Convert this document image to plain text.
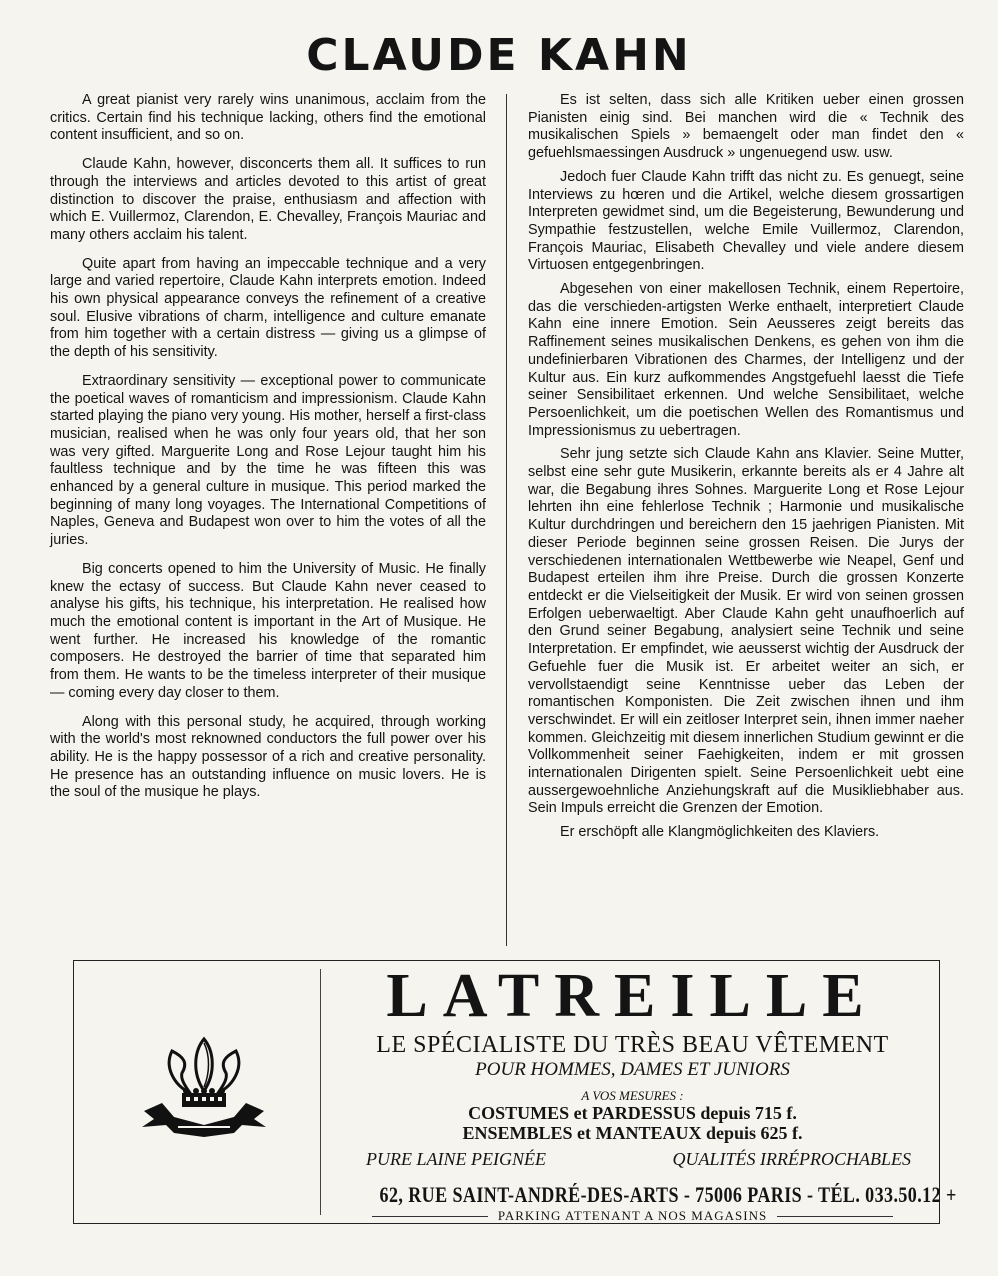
CLAUDE KAHN

A great pianist very rarely wins unanimous, acclaim from the critics. Certain find his technique lacking, others find the emotional content insufficient, and so on.

Claude Kahn, however, disconcerts them all. It suffices to run through the interviews and articles devoted to this artist of great distinction to discover the praise, enthusiasm and affection with which E. Vuillermoz, Clarendon, E. Chevalley, François Mauriac and many others acclaim his talent.

Quite apart from having an impeccable technique and a very large and varied repertoire, Claude Kahn interprets emotion. Indeed his own physical appearance conveys the refinement of a creative soul. Elusive vibrations of charm, intelligence and culture emanate from him together with a certain distress — giving us a glimpse of the depth of his sensitivity.

Extraordinary sensitivity — exceptional power to communicate the poetical waves of romanticism and impressionism. Claude Kahn started playing the piano very young. His mother, herself a first-class musician, realised when he was only four years old, that her son was very gifted. Marguerite Long and Rose Lejour taught him his faultless technique and by the time he was fifteen this was enhanced by a general culture in musique. This period marked the beginning of many long voyages. The International Competitions of Naples, Geneva and Budapest won over to him the votes of all the juries.

Big concerts opened to him the University of Music. He finally knew the ectasy of success. But Claude Kahn never ceased to analyse his gifts, his technique, his interpretation. He realised how much the emotional content is important in the Art of Musique. He went further. He increased his knowledge of the romantic composers. He destroyed the barrier of time that separated him from them. He wants to be the timeless interpreter of their musique — coming every day closer to them.

Along with this personal study, he acquired, through working with the world's most reknowned conductors the full power over his ability. He is the happy possessor of a rich and creative personality. He presence has an outstanding influence on music lovers. He is the soul of the musique he plays.

Es ist selten, dass sich alle Kritiken ueber einen grossen Pianisten einig sind. Bei manchen wird die « Technik des musikalischen Spiels » bemaengelt oder man findet den « gefuehlsmaessingen Ausdruck » ungenuegend usw. usw.

Jedoch fuer Claude Kahn trifft das nicht zu. Es genuegt, seine Interviews zu hœren und die Artikel, welche diesem grossartigen Interpreten gewidmet sind, um die Begeisterung, Bewunderung und Sympathie festzustellen, welche Emile Vuillermoz, Clarendon, François Mauriac, Elisabeth Chevalley und viele andere diesem Virtuosen entgegenbringen.

Abgesehen von einer makellosen Technik, einem Repertoire, das die verschieden-artigsten Werke enthaelt, interpretiert Claude Kahn eine innere Emotion. Sein Aeusseres zeigt bereits das Raffinement seines musikalischen Denkens, es gehen von ihm die undefinierbaren Vibrationen des Charmes, der Intelligenz und der Kultur aus. Ein kurz aufkommendes Angstgefuehl laesst die Tiefe seiner Sensibilitaet erkennen. Und welche Sensibilitaet, welche Persoenlichkeit, um die poetischen Wellen des Romantismus und Impressionismus zu uebertragen.

Sehr jung setzte sich Claude Kahn ans Klavier. Seine Mutter, selbst eine sehr gute Musikerin, erkannte bereits als er 4 Jahre alt war, die Begabung ihres Sohnes. Marguerite Long et Rose Lejour lehrten ihn eine fehlerlose Technik ; Harmonie und musikalische Kultur durchdringen und bereichern den 15 jaehrigen Pianisten. Mit dieser Periode beginnen seine grossen Reisen. Die Jurys der verschiedenen internationalen Wettbewerbe wie Neapel, Genf und Budapest erteilen ihm ihre Preise. Durch die grossen Konzerte entdeckt er die Vielseitigkeit der Musik. Er wird von seinen grossen Erfolgen ueberwaeltigt. Aber Claude Kahn geht unaufhoerlich auf den Grund seiner Begabung, analysiert seine Technik und seine Interpretation. Er empfindet, wie aeusserst wichtig der Ausdruck der Gefuehle fuer die Musik ist. Er arbeitet weiter an sich, er vervollstaendigt seine Kenntnisse ueber das Leben der romantischen Komponisten. Die Zeit zwischen ihnen und ihm verschwindet. Er will ein zeitloser Interpret sein, ihnen immer naeher kommen. Gleichzeitig mit diesem innerlichen Studium gewinnt er die Vollkommenheit seiner Faehigkeiten, indem er mit grossen internationalen Dirigenten spielt. Seine Persoenlichkeit uebt eine aussergewoehnliche Anziehungskraft auf die Musikliebhaber aus. Sein Impuls erreicht die Grenzen der Emotion.

Er erschöpft alle Klangmöglichkeiten des Klaviers.

LATREILLE
LE SPÉCIALISTE DU TRÈS BEAU VÊTEMENT
POUR HOMMES, DAMES ET JUNIORS
A VOS MESURES :
COSTUMES et PARDESSUS depuis 715 f.
ENSEMBLES et MANTEAUX depuis 625 f.
PURE LAINE PEIGNÉE	QUALITÉS IRRÉPROCHABLES
62, RUE SAINT-ANDRÉ-DES-ARTS - 75006 PARIS - TÉL. 033.50.12 +
PARKING ATTENANT A NOS MAGASINS
